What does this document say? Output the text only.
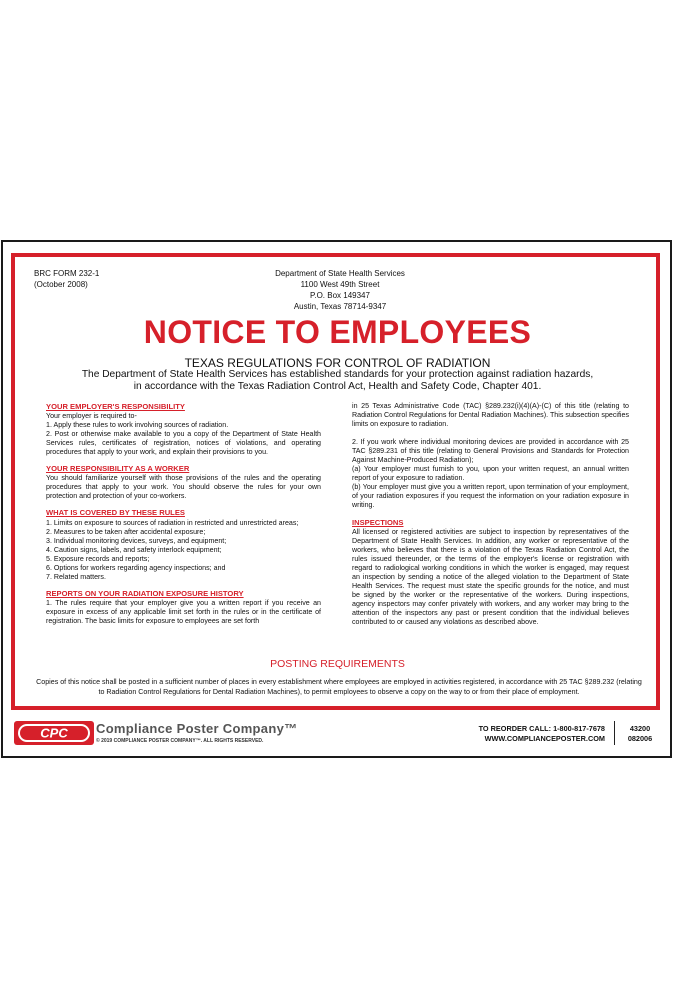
BRC FORM 232-1
(October 2008)
Department of State Health Services
1100 West 49th Street
P.O. Box 149347
Austin, Texas 78714-9347
NOTICE TO EMPLOYEES
TEXAS REGULATIONS FOR CONTROL OF RADIATION
The Department of State Health Services has established standards for your protection against radiation hazards,
in accordance with the Texas Radiation Control Act, Health and Safety Code, Chapter 401.
YOUR EMPLOYER'S RESPONSIBILITY
Your employer is required to-
1. Apply these rules to work involving sources of radiation.
2. Post or otherwise make available to you a copy of the Department of State Health Services rules, certificates of registration, notices of violations, and operating procedures that apply to your work, and explain their provisions to you.
YOUR RESPONSIBILITY AS A WORKER
You should familiarize yourself with those provisions of the rules and the operating procedures that apply to your work. You should observe the rules for your own protection and protection of your co-workers.
WHAT IS COVERED BY THESE RULES
1. Limits on exposure to sources of radiation in restricted and unrestricted areas;
2. Measures to be taken after accidental exposure;
3. Individual monitoring devices, surveys, and equipment;
4. Caution signs, labels, and safety interlock equipment;
5. Exposure records and reports;
6. Options for workers regarding agency inspections; and
7. Related matters.
REPORTS ON YOUR RADIATION EXPOSURE HISTORY
1. The rules require that your employer give you a written report if you receive an exposure in excess of any applicable limit set forth in the rules or in the certificate of registration. The basic limits for exposure to employees are set forth
in 25 Texas Administrative Code (TAC) §289.232(i)(4)(A)-(C) of this title (relating to Radiation Control Regulations for Dental Radiation Machines). This subsection specifies limits on exposure to radiation.
2. If you work where individual monitoring devices are provided in accordance with 25 TAC §289.231 of this title (relating to General Provisions and Standards for Protection Against Machine-Produced Radiation);
(a) Your employer must furnish to you, upon your written request, an annual written report of your exposure to radiation.
(b) Your employer must give you a written report, upon termination of your employment, of your radiation exposures if you request the information on your radiation exposure in writing.
INSPECTIONS
All licensed or registered activities are subject to inspection by representatives of the Department of State Health Services. In addition, any worker or representative of the workers, who believes that there is a violation of the Texas Radiation Control Act, the rules issued thereunder, or the terms of the employer's license or registration with regard to radiological working conditions in which the worker is engaged, may request an inspection by sending a notice of the alleged violation to the Department of State Health Services. The request must state the specific grounds for the notice, and must be signed by the worker or the representative of the workers. During inspections, agency inspectors may confer privately with workers, and any worker may bring to the attention of the inspectors any past or present condition that the individual believes contributed to or caused any violations as described above.
POSTING REQUIREMENTS
Copies of this notice shall be posted in a sufficient number of places in every establishment where employees are employed in activities registered, in accordance with 25 TAC §289.232 (relating to Radiation Control Regulations for Dental Radiation Machines), to permit employees to observe a copy on the way to or from their place of employment.
CPC Compliance Poster Company™
© 2019 COMPLIANCE POSTER COMPANY™. ALL RIGHTS RESERVED.
TO REORDER CALL: 1-800-817-7678
WWW.COMPLIANCEPOSTER.COM
43200
082006
